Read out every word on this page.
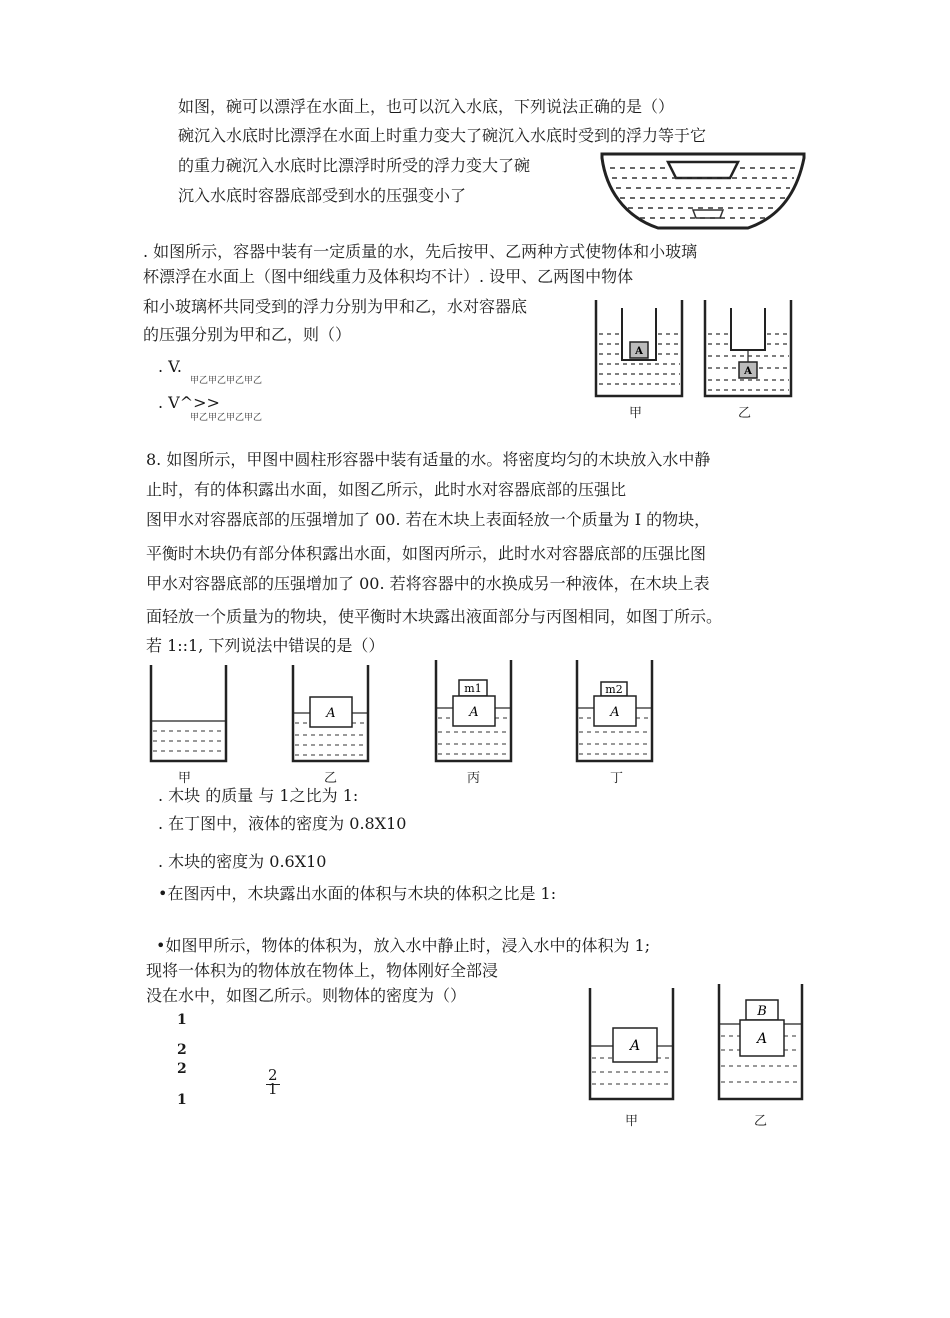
如图，碗可以漂浮在水面上，也可以沉入水底，下列说法正确的是（）
碗沉入水底时比漂浮在水面上时重力变大了碗沉入水底时受到的浮力等于它
的重力碗沉入水底时比漂浮时所受的浮力变大了碗
沉入水底时容器底部受到水的压强变小了
. 如图所示，容器中装有一定质量的水，先后按甲、乙两种方式使物体和小玻璃
杯漂浮在水面上（图中细线重力及体积均不计）. 设甲、乙两图中物体
和小玻璃杯共同受到的浮力分别为甲和乙，水对容器底
的压强分别为甲和乙，则（）
. V.
甲乙甲乙甲乙甲乙
. V^>>
甲乙甲乙甲乙甲乙
A
甲
A
乙
8. 如图所示，甲图中圆柱形容器中装有适量的水。将密度均匀的木块放入水中静
止时，有的体积露出水面，如图乙所示，此时水对容器底部的压强比
图甲水对容器底部的压强增加了 00. 若在木块上表面轻放一个质量为 I 的物块，
平衡时木块仍有部分体积露出水面，如图丙所示，此时水对容器底部的压强比图
甲水对容器底部的压强增加了 00. 若将容器中的水换成另一种液体，在木块上表
面轻放一个质量为的物块，使平衡时木块露出液面部分与丙图相同，如图丁所示。
若 1::1, 下列说法中错误的是（）
甲
A
乙
m1
A
丙
m2
A
丁
. 木块 的质量 与 1之比为 1:
. 在丁图中，液体的密度为 0.8X10
. 木块的密度为 0.6X10
•在图丙中，木块露出水面的体积与木块的体积之比是 1:
•如图甲所示，物体的体积为，放入水中静止时，浸入水中的体积为 1;
现将一体积为的物体放在物体上，物体刚好全部浸
没在水中，如图乙所示。则物体的密度为（）
1
2
2
1
2
1
A
甲
B
A
乙
